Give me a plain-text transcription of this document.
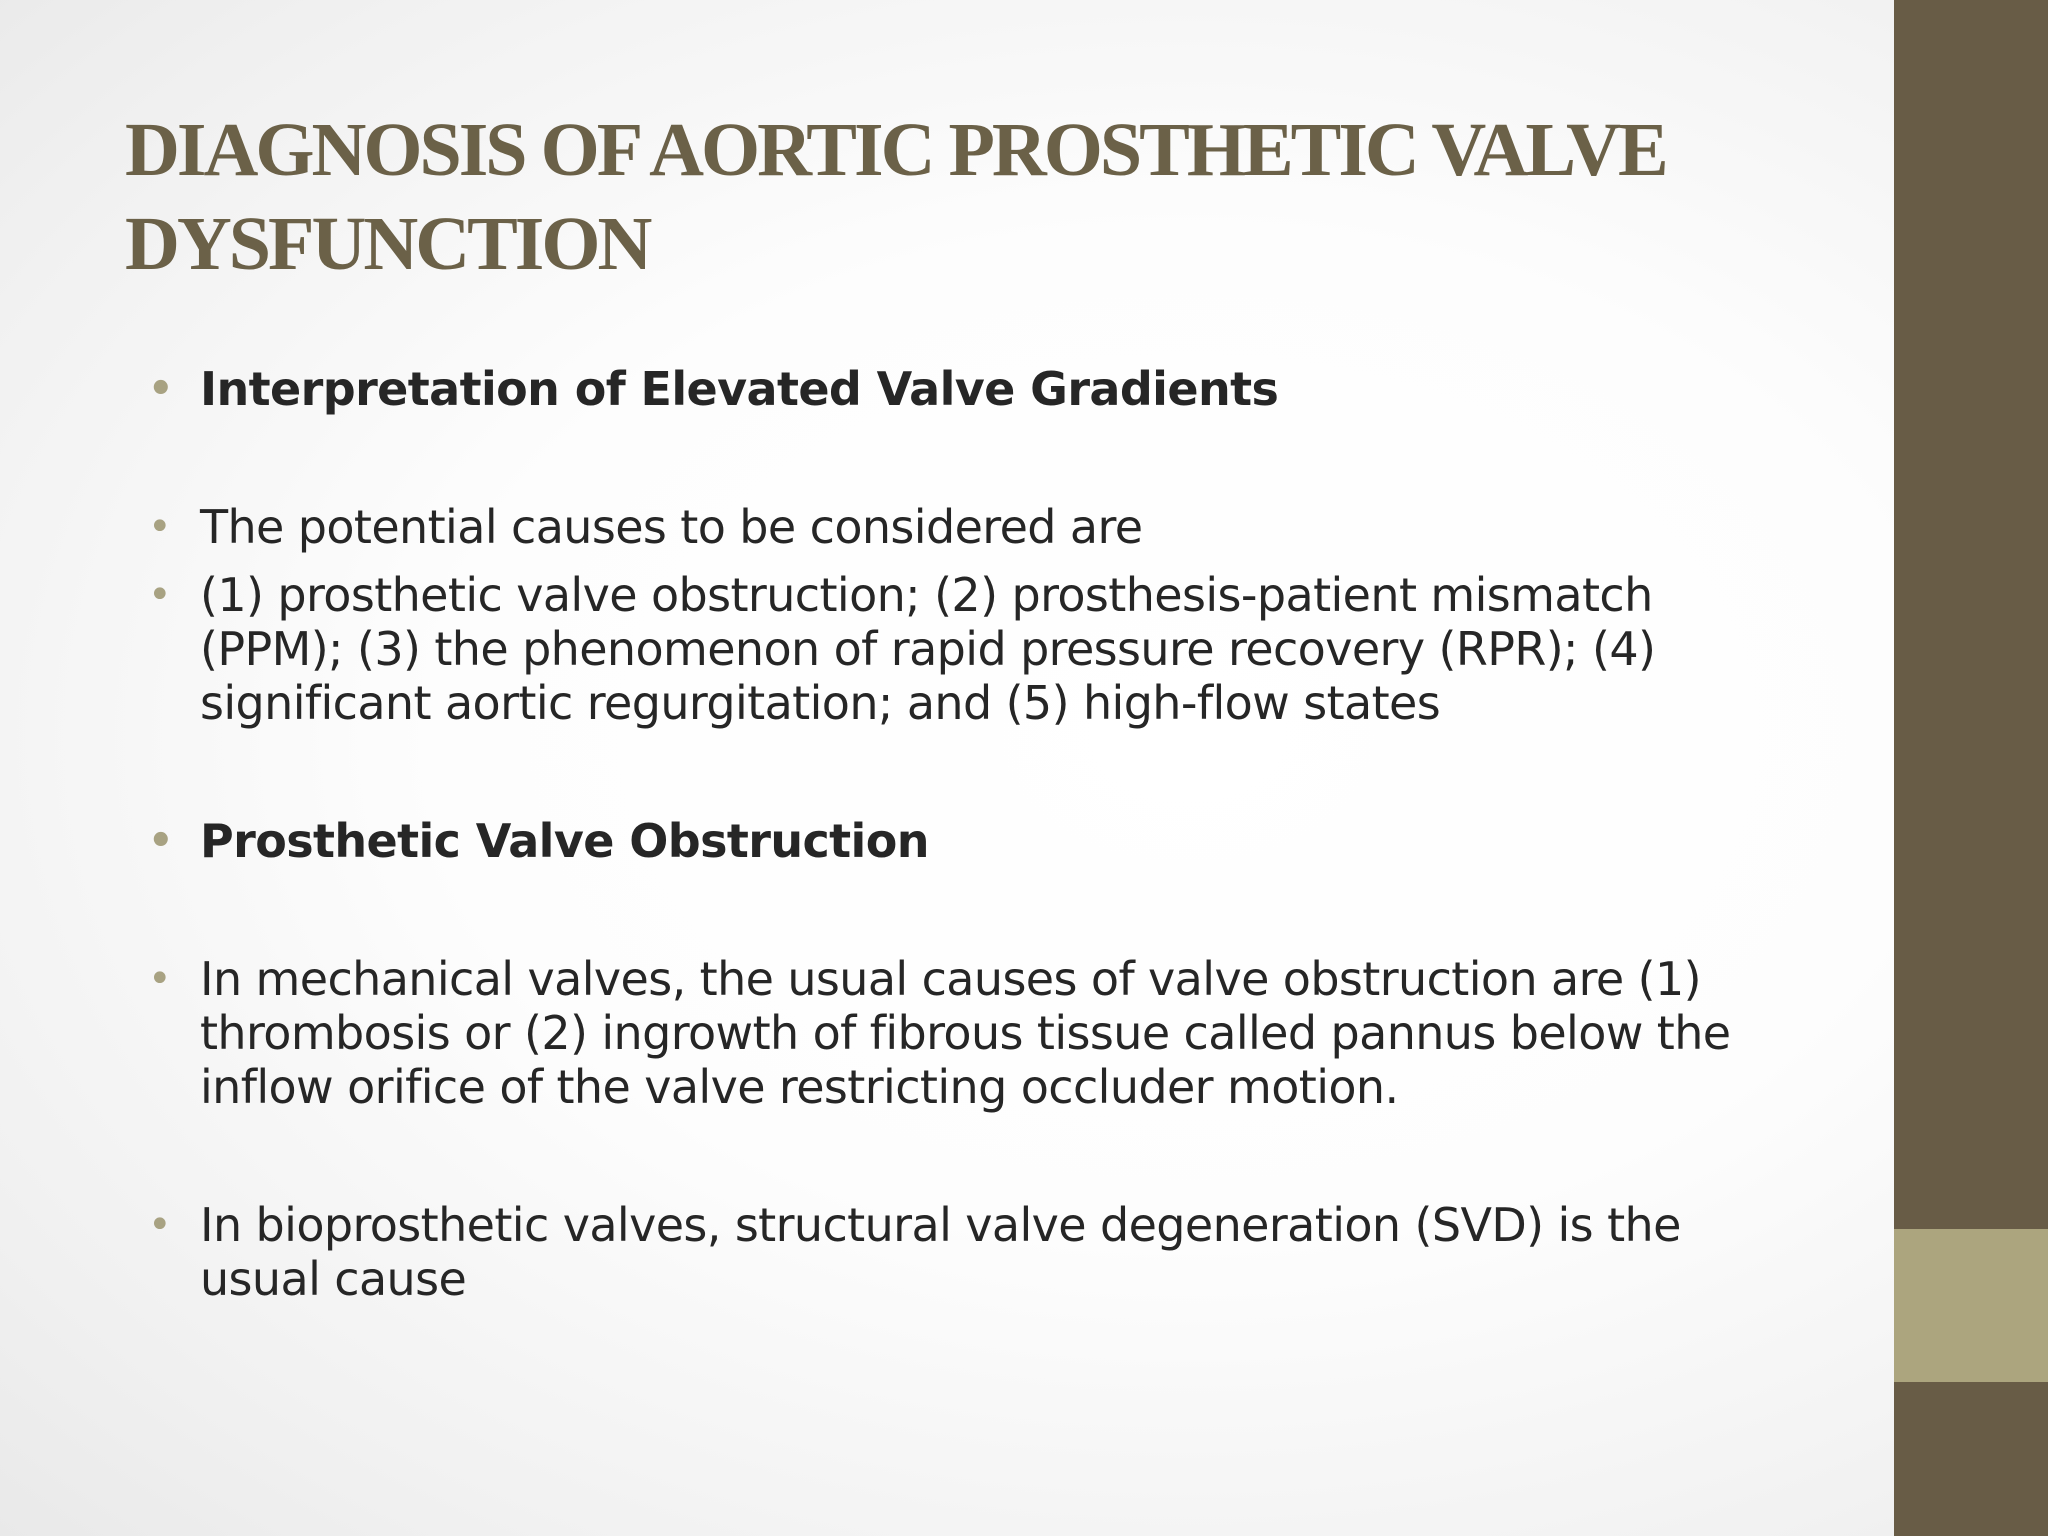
DIAGNOSIS OF AORTIC PROSTHETIC VALVE DYSFUNCTION
• Interpretation of Elevated Valve Gradients
• The potential causes to be considered are
• (1) prosthetic valve obstruction; (2) prosthesis-patient mismatch (PPM); (3) the phenomenon of rapid pressure recovery (RPR); (4) significant aortic regurgitation; and (5) high-flow states
• Prosthetic Valve Obstruction
• In mechanical valves, the usual causes of valve obstruction are (1) thrombosis or (2) ingrowth of fibrous tissue called pannus below the inflow orifice of the valve restricting occluder motion.
• In bioprosthetic valves, structural valve degeneration (SVD) is the usual cause
